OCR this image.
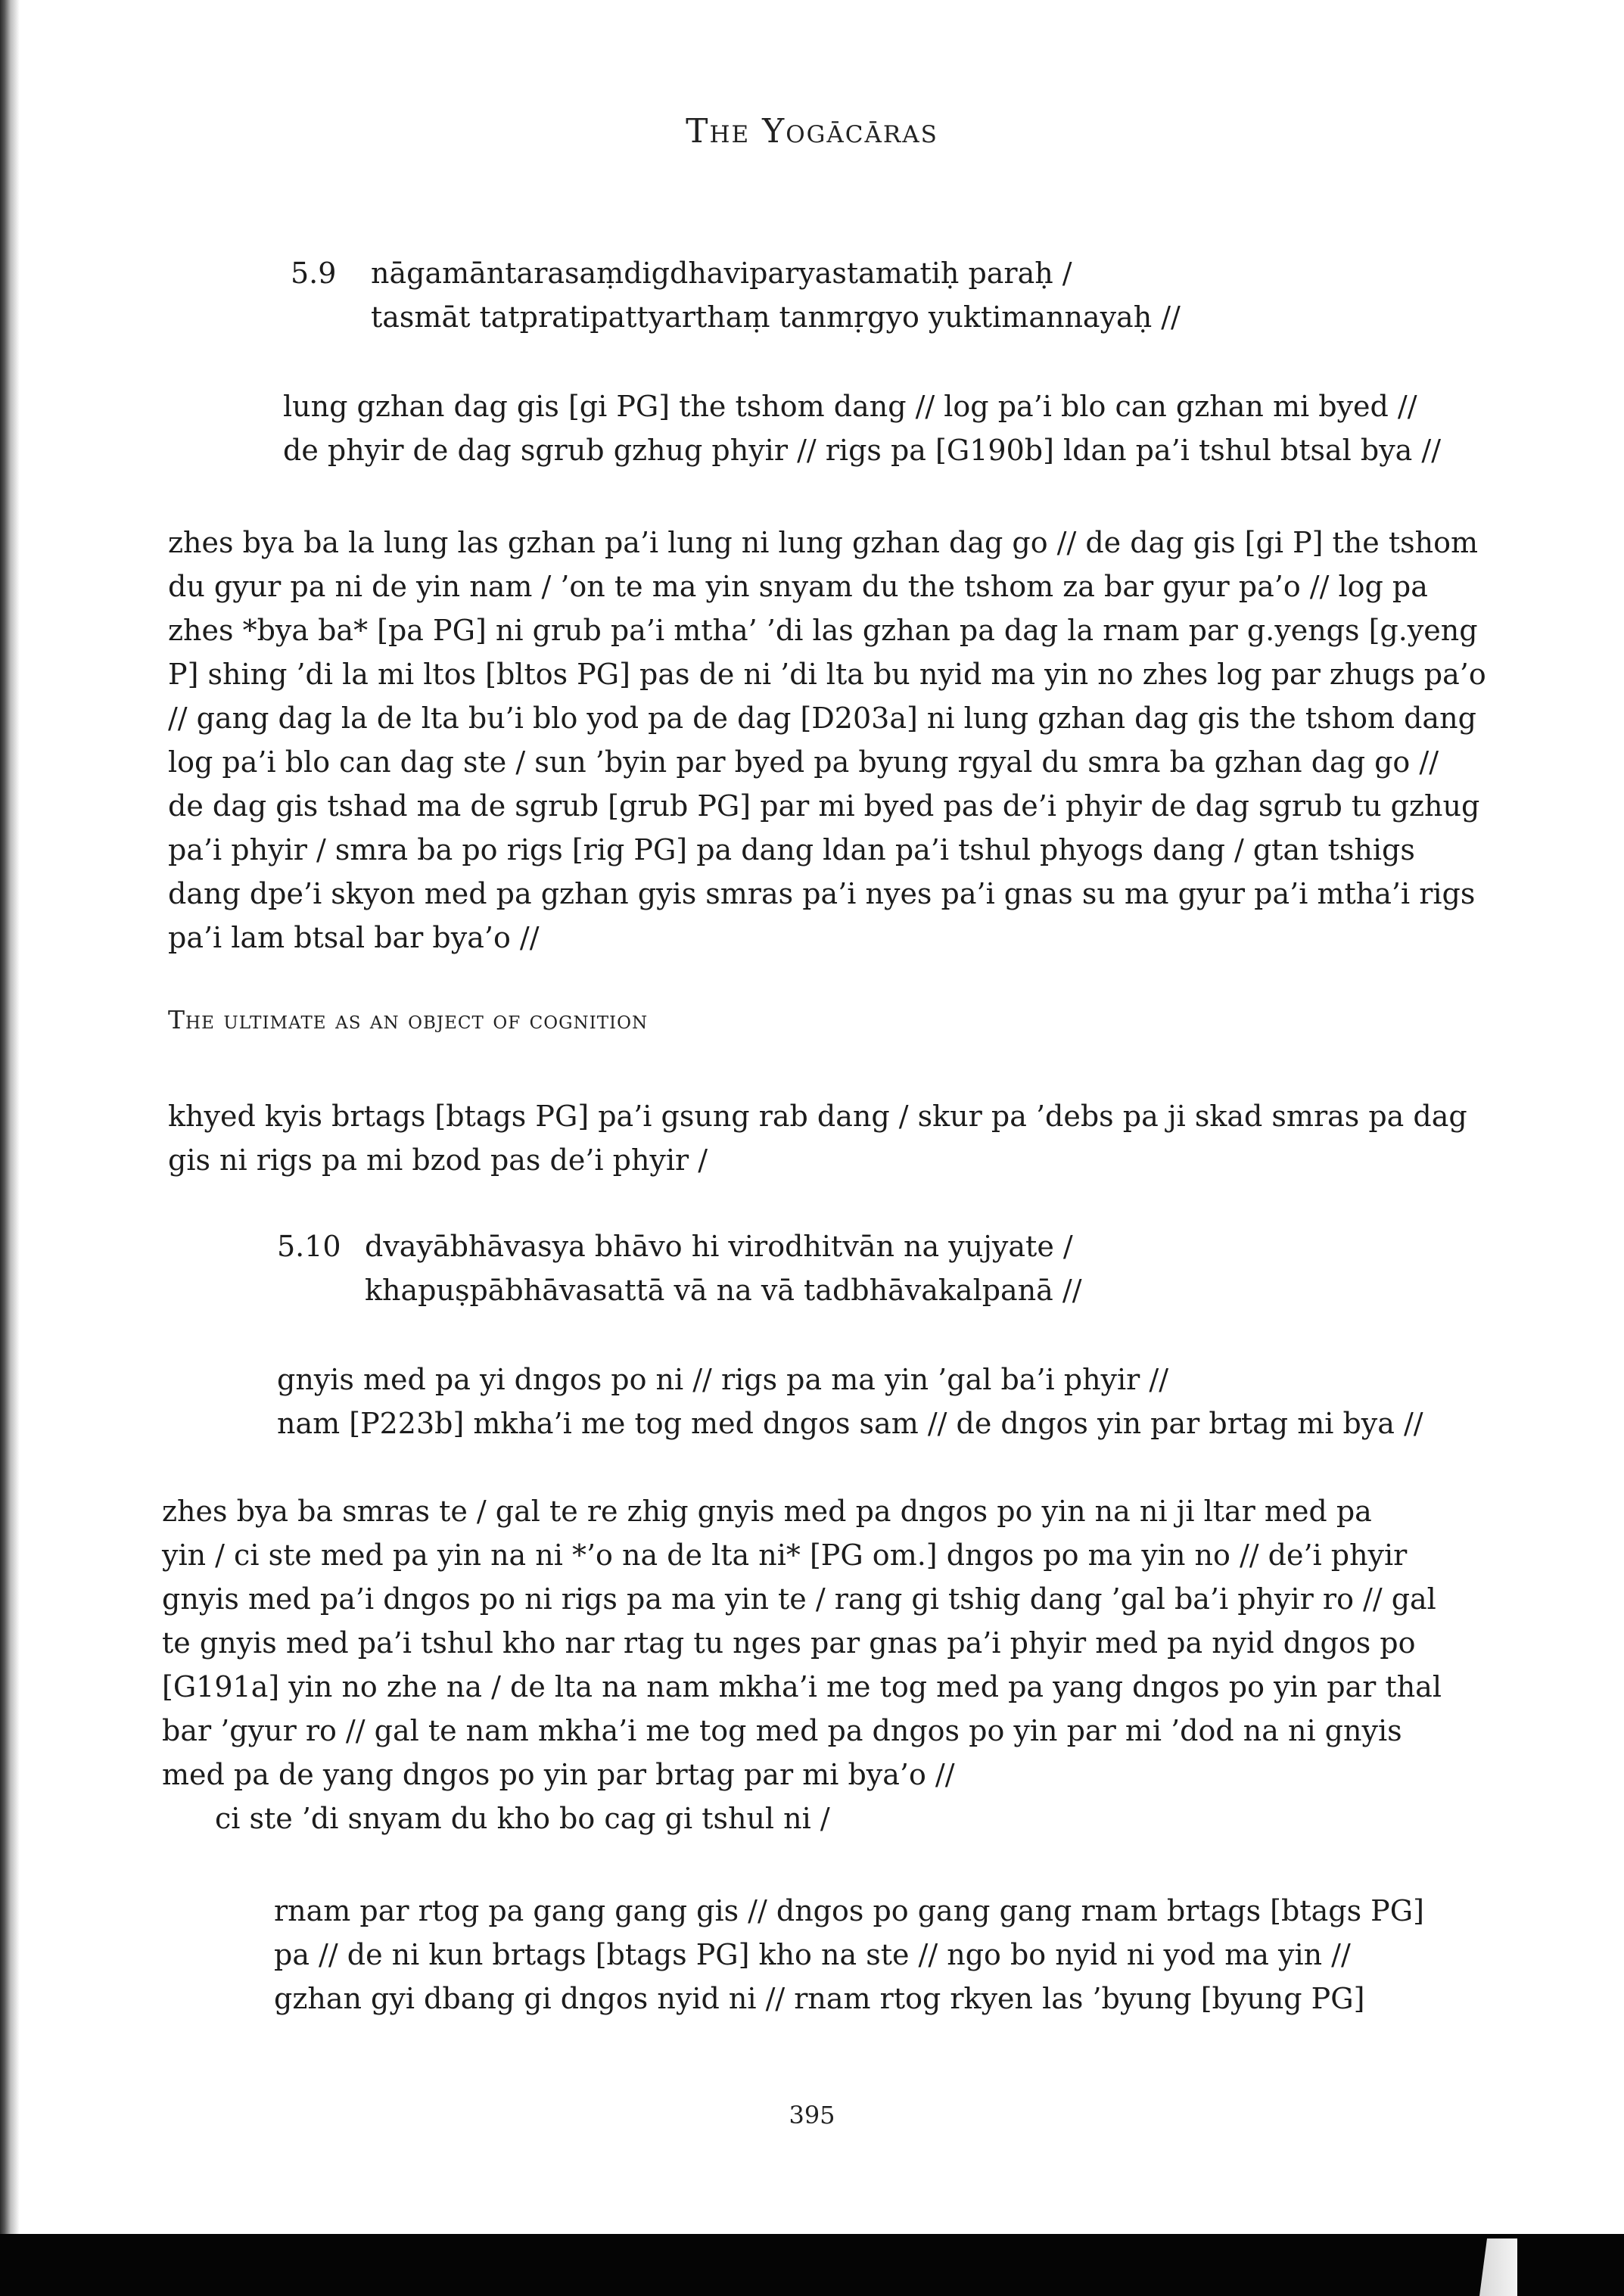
The Yogācāras
5.9 nāgamāntarasaṃdigdhaviparyastamatiḥ paraḥ /
tasmāt tatpratipattyarthaṃ tanmṛgyo yuktimannayaḥ //
lung gzhan dag gis [gi PG] the tshom dang // log pa’i blo can gzhan mi byed //
de phyir de dag sgrub gzhug phyir // rigs pa [G190b] ldan pa’i tshul btsal bya //
zhes bya ba la lung las gzhan pa’i lung ni lung gzhan dag go // de dag gis [gi P] the tshom
du gyur pa ni de yin nam / ’on te ma yin snyam du the tshom za bar gyur pa’o // log pa
zhes *bya ba* [pa PG] ni grub pa’i mtha’ ’di las gzhan pa dag la rnam par g.yengs [g.yeng
P] shing ’di la mi ltos [bltos PG] pas de ni ’di lta bu nyid ma yin no zhes log par zhugs pa’o
// gang dag la de lta bu’i blo yod pa de dag [D203a] ni lung gzhan dag gis the tshom dang
log pa’i blo can dag ste / sun ’byin par byed pa byung rgyal du smra ba gzhan dag go //
de dag gis tshad ma de sgrub [grub PG] par mi byed pas de’i phyir de dag sgrub tu gzhug
pa’i phyir / smra ba po rigs [rig PG] pa dang ldan pa’i tshul phyogs dang / gtan tshigs
dang dpe’i skyon med pa gzhan gyis smras pa’i nyes pa’i gnas su ma gyur pa’i mtha’i rigs
pa’i lam btsal bar bya’o //
The ultimate as an object of cognition
khyed kyis brtags [btags PG] pa’i gsung rab dang / skur pa ’debs pa ji skad smras pa dag
gis ni rigs pa mi bzod pas de’i phyir /
5.10 dvayābhāvasya bhāvo hi virodhitvān na yujyate /
khapuṣpābhāvasattā vā na vā tadbhāvakalpanā //
gnyis med pa yi dngos po ni // rigs pa ma yin ’gal ba’i phyir //
nam [P223b] mkha’i me tog med dngos sam // de dngos yin par brtag mi bya //
zhes bya ba smras te / gal te re zhig gnyis med pa dngos po yin na ni ji ltar med pa
yin / ci ste med pa yin na ni *’o na de lta ni* [PG om.] dngos po ma yin no // de’i phyir
gnyis med pa’i dngos po ni rigs pa ma yin te / rang gi tshig dang ’gal ba’i phyir ro // gal
te gnyis med pa’i tshul kho nar rtag tu nges par gnas pa’i phyir med pa nyid dngos po
[G191a] yin no zhe na / de lta na nam mkha’i me tog med pa yang dngos po yin par thal
bar ’gyur ro // gal te nam mkha’i me tog med pa dngos po yin par mi ’dod na ni gnyis
med pa de yang dngos po yin par brtag par mi bya’o //
ci ste ’di snyam du kho bo cag gi tshul ni /
rnam par rtog pa gang gang gis // dngos po gang gang rnam brtags [btags PG]
pa // de ni kun brtags [btags PG] kho na ste // ngo bo nyid ni yod ma yin //
gzhan gyi dbang gi dngos nyid ni // rnam rtog rkyen las ’byung [byung PG]
395
